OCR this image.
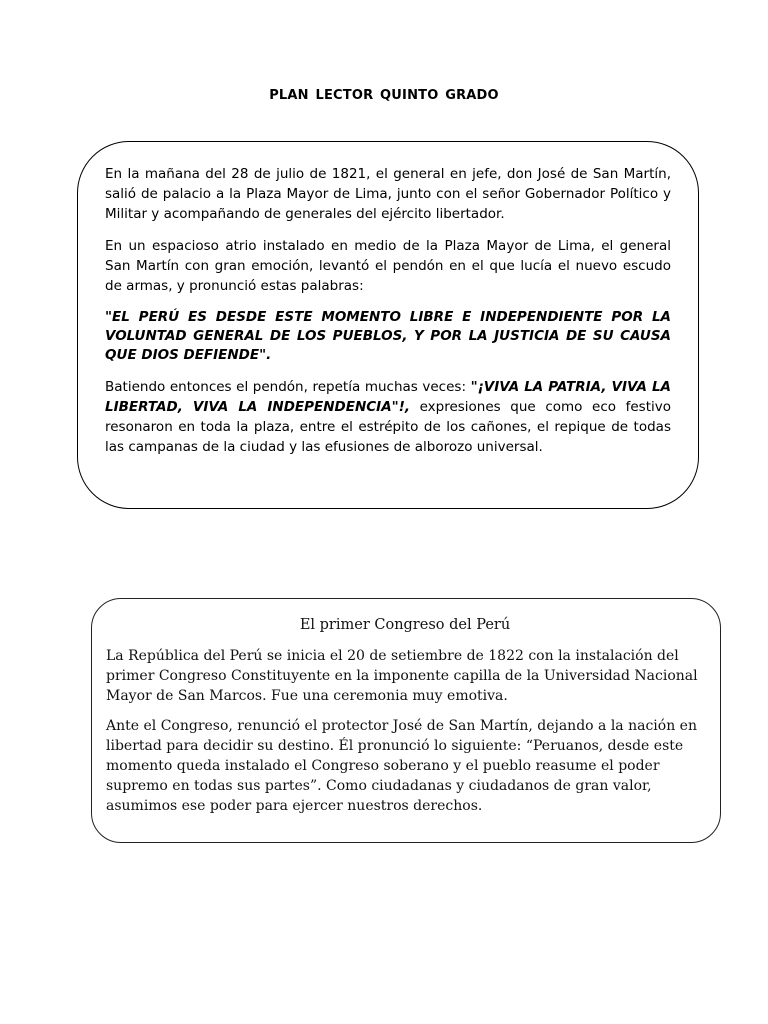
PLAN LECTOR QUINTO GRADO

En la mañana del 28 de julio de 1821, el general en jefe, don José de San Martín, salió de palacio a la Plaza Mayor de Lima, junto con el señor Gobernador Político y Militar y acompañando de generales del ejército libertador.

En un espacioso atrio instalado en medio de la Plaza Mayor de Lima, el general San Martín con gran emoción, levantó el pendón en el que lucía el nuevo escudo de armas, y pronunció estas palabras:

"EL PERÚ ES DESDE ESTE MOMENTO LIBRE E INDEPENDIENTE POR LA VOLUNTAD GENERAL DE LOS PUEBLOS, Y POR LA JUSTICIA DE SU CAUSA QUE DIOS DEFIENDE".

Batiendo entonces el pendón, repetía muchas veces: "¡VIVA LA PATRIA, VIVA LA LIBERTAD, VIVA LA INDEPENDENCIA"!, expresiones que como eco festivo resonaron en toda la plaza, entre el estrépito de los cañones, el repique de todas las campanas de la ciudad y las efusiones de alborozo universal.

El primer Congreso del Perú

La República del Perú se inicia el 20 de setiembre de 1822 con la instalación del primer Congreso Constituyente en la imponente capilla de la Universidad Nacional Mayor de San Marcos. Fue una ceremonia muy emotiva.

Ante el Congreso, renunció el protector José de San Martín, dejando a la nación en libertad para decidir su destino. Él pronunció lo siguiente: “Peruanos, desde este momento queda instalado el Congreso soberano y el pueblo reasume el poder supremo en todas sus partes”. Como ciudadanas y ciudadanos de gran valor, asumimos ese poder para ejercer nuestros derechos.
